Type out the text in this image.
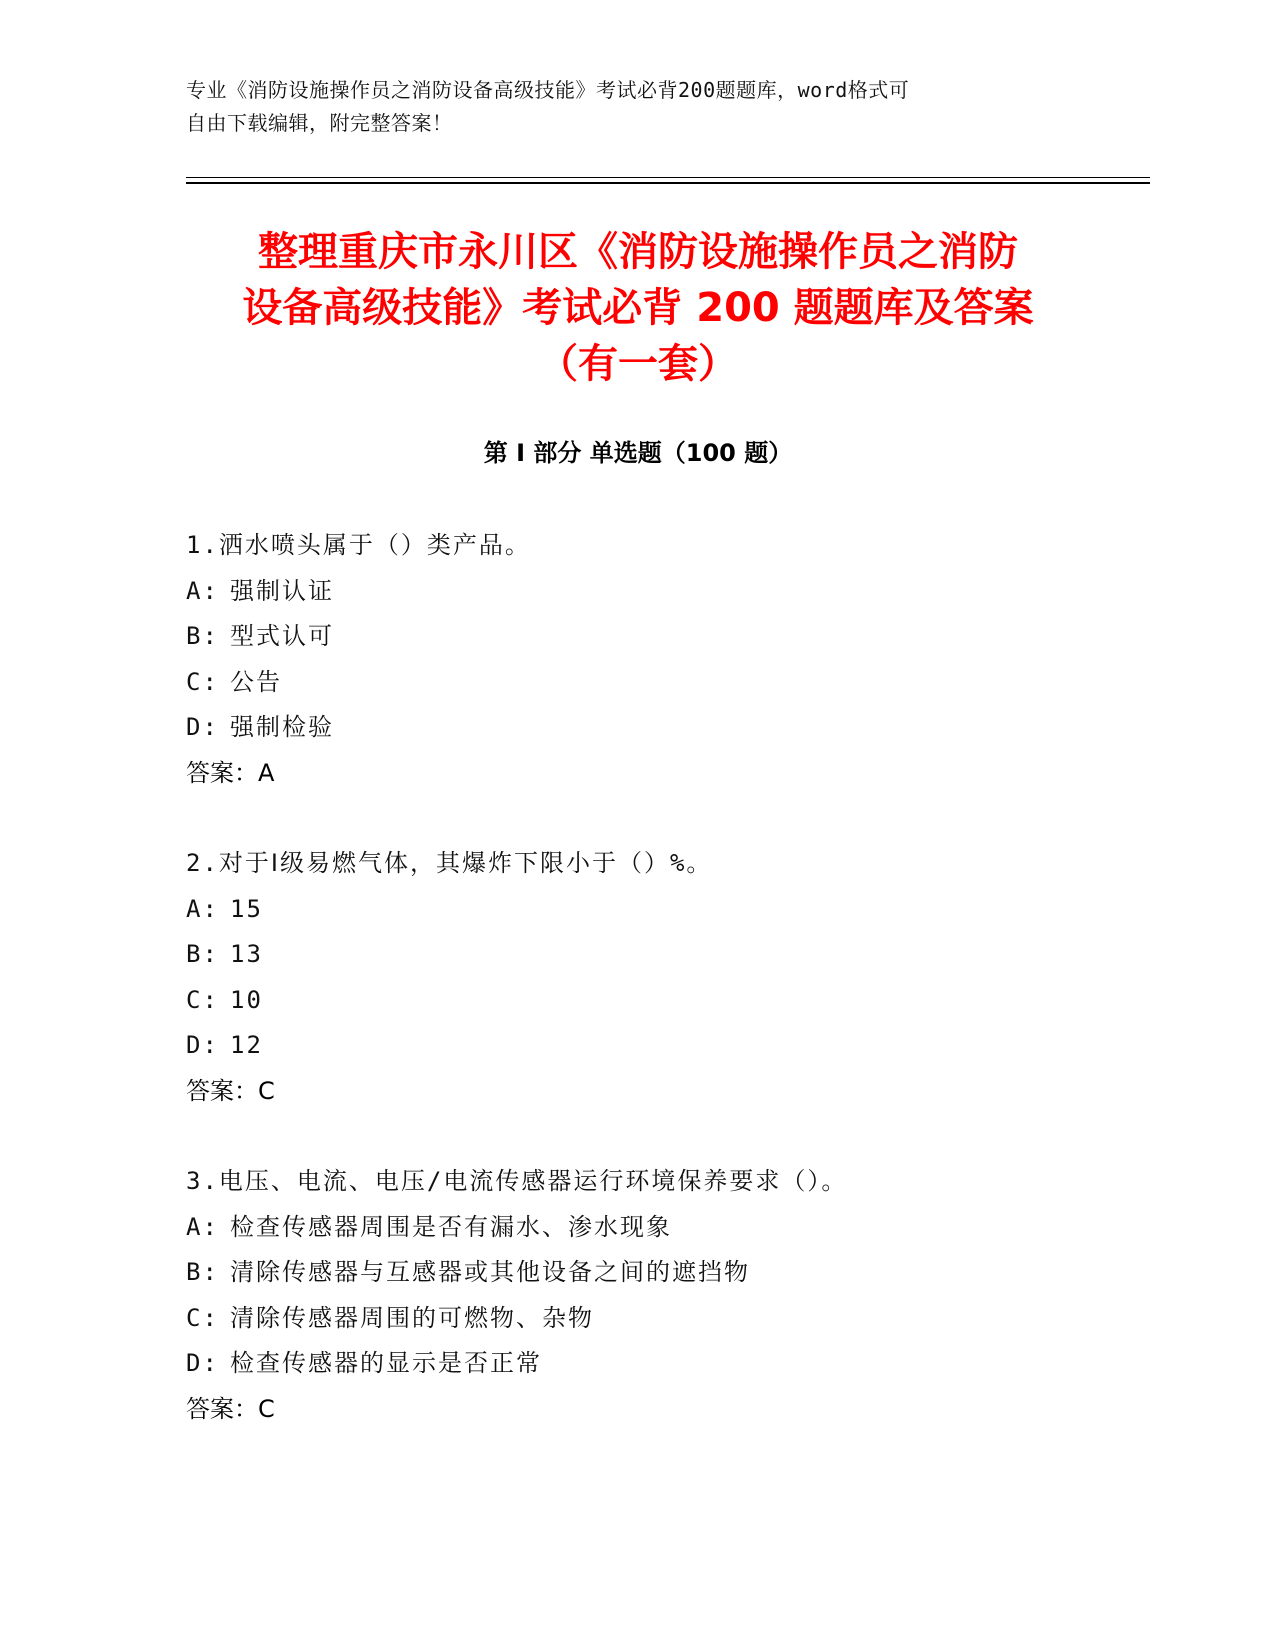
专业《消防设施操作员之消防设备高级技能》考试必背200题题库，word格式可
自由下载编辑，附完整答案！
整理重庆市永川区《消防设施操作员之消防
设备高级技能》考试必背 200 题题库及答案
（有一套）
第 I 部分 单选题（100 题）
1.洒水喷头属于（）类产品。
A: 强制认证
B: 型式认可
C: 公告
D: 强制检验
答案：A
2.对于Ⅰ级易燃气体，其爆炸下限小于（）%。
A: 15
B: 13
C: 10
D: 12
答案：C
3.电压、电流、电压/电流传感器运行环境保养要求（）。
A: 检查传感器周围是否有漏水、渗水现象
B: 清除传感器与互感器或其他设备之间的遮挡物
C: 清除传感器周围的可燃物、杂物
D: 检查传感器的显示是否正常
答案：C
